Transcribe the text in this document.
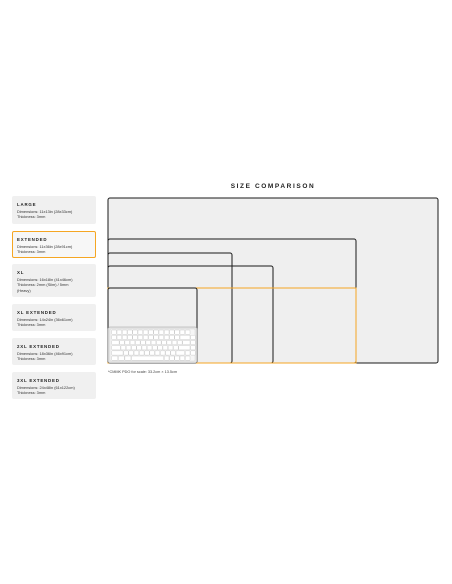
SIZE COMPARISON
LARGE
Dimensions: 11x13in (28x33cm)
Thickness: 3mm
EXTENDED
Dimensions: 11x36in (28x91cm)
Thickness: 3mm
XL
Dimensions: 16x18in (41x46cm)
Thickness: 2mm (Slim) / 5mm
(Heavy)
XL EXTENDED
Dimensions: 14x24in (36x61cm)
Thickness: 3mm
2XL EXTENDED
Dimensions: 18x36in (46x91cm)
Thickness: 3mm
3XL EXTENDED
Dimensions: 24x48in (61x122cm)
Thickness: 3mm
*CMMK PDO for scale: 33.2cm × 13.5cm
